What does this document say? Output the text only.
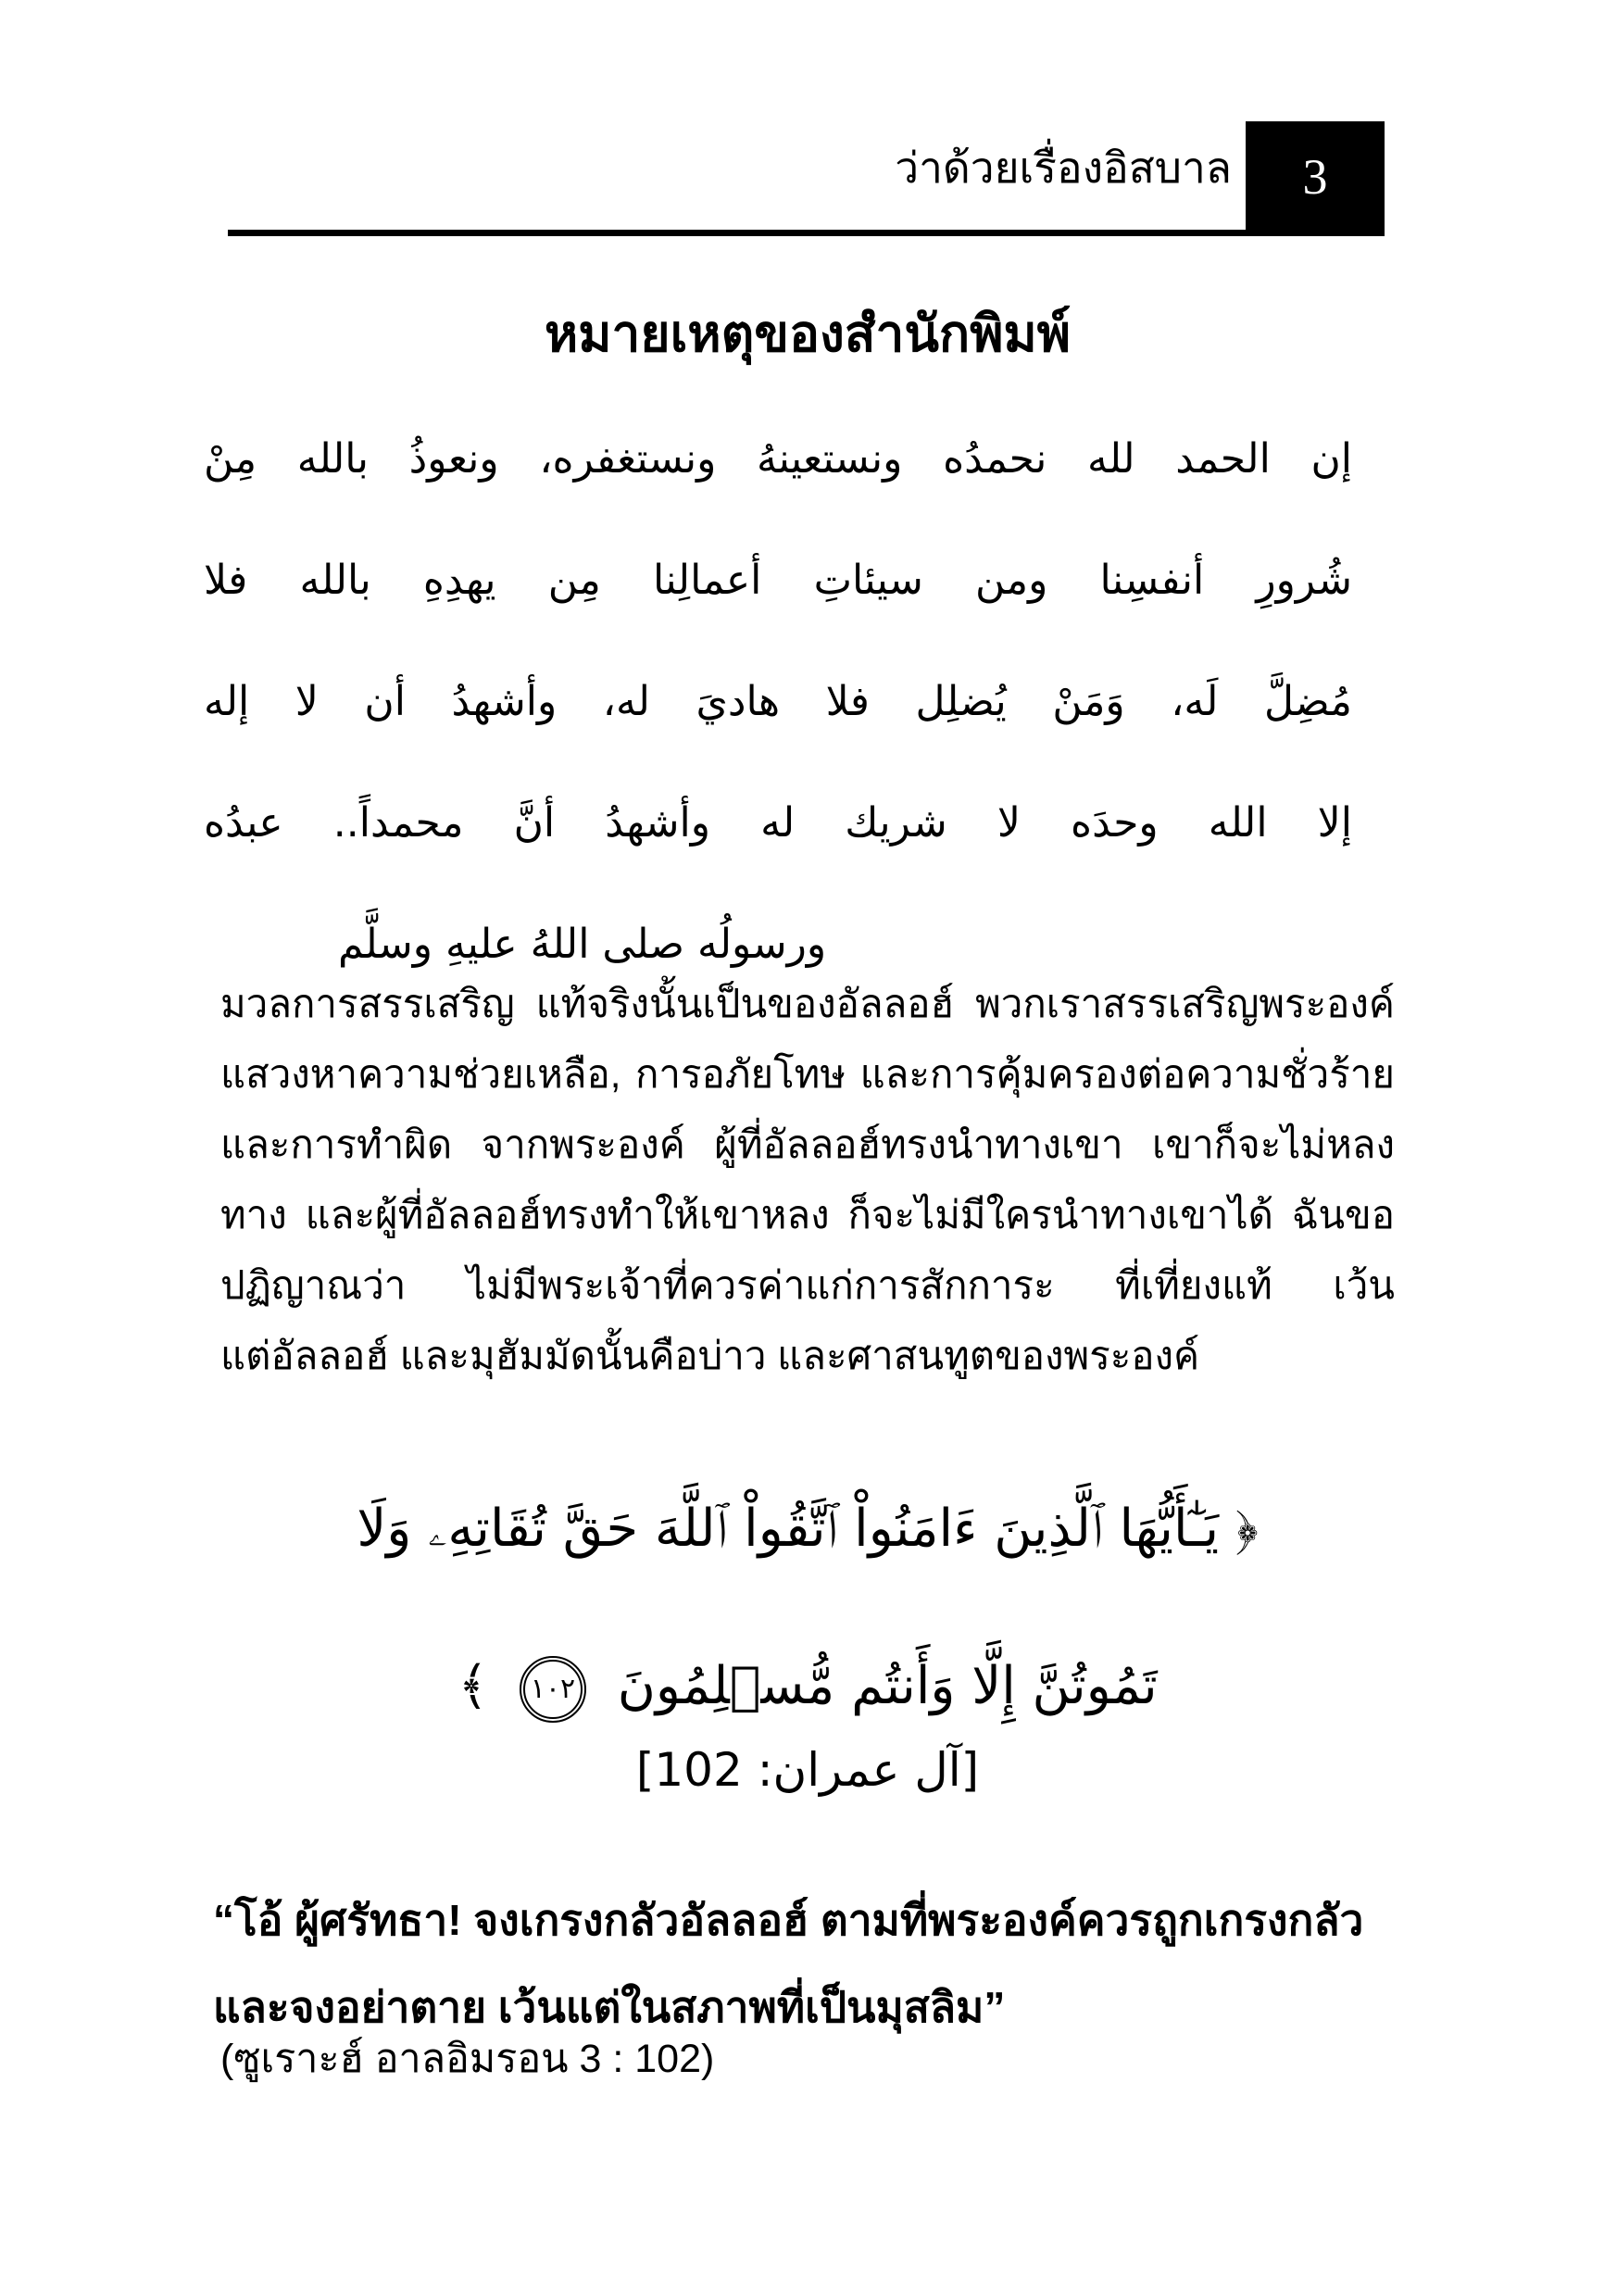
ว่าด้วยเรื่องอิสบาล 3
หมายเหตุของสำนักพิมพ์
إن الحمد لله نحمدُه ونستعينهُ ونستغفره، ونعوذُ بالله مِنْ
شُرورِ أنفسِنا ومن سيئاتِ أعمالِنا مِن يهدِهِ بالله فلا
مُضِلَّ لَه، وَمَنْ يُضلِل فلا هاديَ له، وأشهدُ أن لا إله
إلا الله وحدَه لا شريك له وأشهدُ أنَّ محمداً.. عبدُه
ورسولُه صلى اللهُ عليهِ وسلَّم
มวลการสรรเสริญ แท้จริงนั้นเป็นของอัลลอฮ์ พวกเราสรรเสริญพระองค์
แสวงหาความช่วยเหลือ, การอภัยโทษ และการคุ้มครองต่อความชั่วร้าย
และการทำผิด จากพระองค์ ผู้ที่อัลลอฮ์ทรงนำทางเขา เขาก็จะไม่หลง
ทาง และผู้ที่อัลลอฮ์ทรงทำให้เขาหลง ก็จะไม่มีใครนำทางเขาได้ ฉันขอ
ปฏิญาณว่า ไม่มีพระเจ้าที่ควรค่าแก่การสักการะ ที่เที่ยงแท้ เว้น
แต่อัลลอฮ์ และมุฮัมมัดนั้นคือบ่าว และศาสนทูตของพระองค์
﴿ يَـٰٓأَيُّهَا ٱلَّذِينَ ءَامَنُواْ ٱتَّقُواْ ٱللَّهَ حَقَّ تُقَاتِهِۦ وَلَا
تَمُوتُنَّ إِلَّا وَأَنتُم مُّسۡلِمُونَ
١٠٢
﴾
[آل عمران: 102]
“โอ้ ผู้ศรัทธา! จงเกรงกลัวอัลลอฮ์ ตามที่พระองค์ควรถูกเกรงกลัว
และจงอย่าตาย เว้นแต่ในสภาพที่เป็นมุสลิม”
(ซูเราะฮ์ อาลอิมรอน 3 : 102)
